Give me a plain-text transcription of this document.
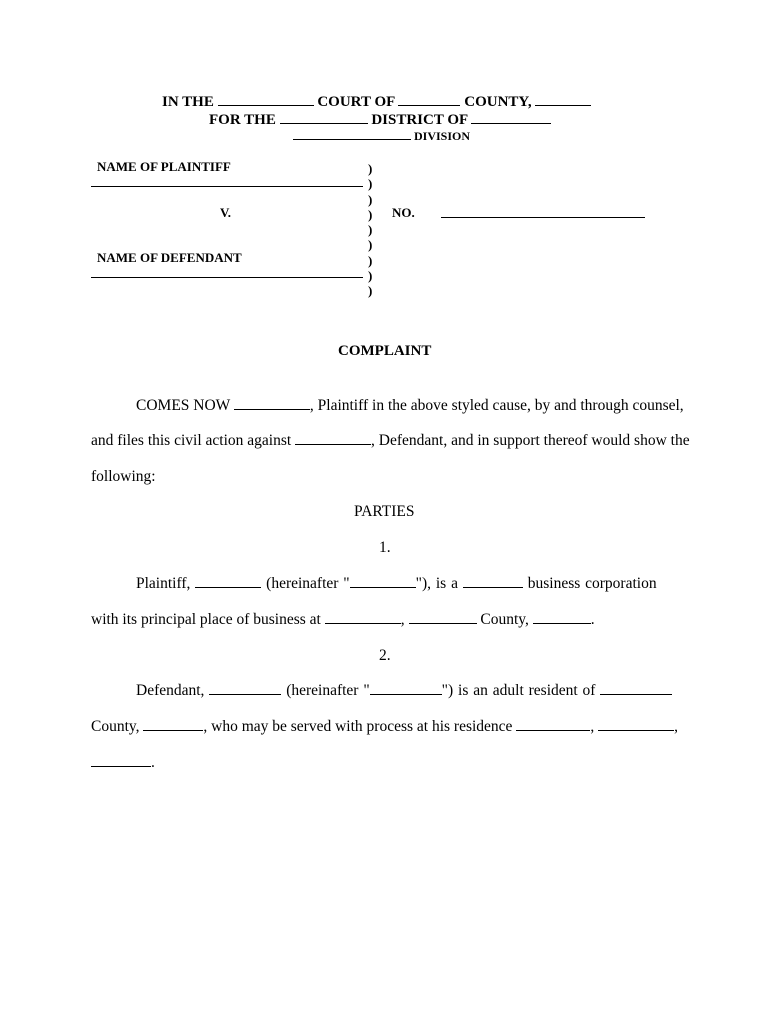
IN THE	COURT OF	COUNTY,
FOR THE	DISTRICT OF
DIVISION
NAME OF PLAINTIFF
V.
NAME OF DEFENDANT
)
)
)
)
)
)
)
)
)
NO.
COMPLAINT
COMES NOW	, Plaintiff in the above styled cause, by and through counsel,
and files this civil action against	, Defendant, and in support thereof would show the
following:
PARTIES
1.
Plaintiff,	(hereinafter "	"), is a	business corporation
with its principal place of business at	,	County,	.
2.
Defendant,	(hereinafter "	") is an adult resident of
County,	, who may be served with process at his residence	,	,
.
